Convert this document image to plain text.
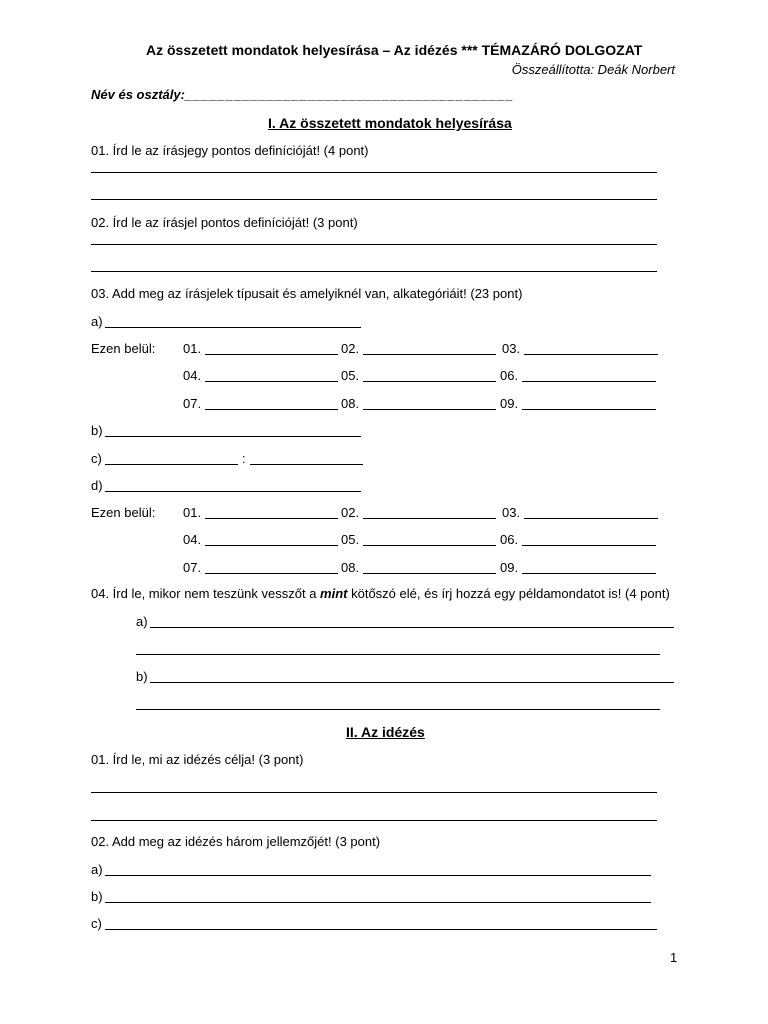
Az összetett mondatok helyesírása – Az idézés *** TÉMAZÁRÓ DOLGOZAT
Összeállította: Deák Norbert
Név és osztály: ________________________________________
I. Az összetett mondatok helyesírása
01. Írd le az írásjegy pontos definícióját! (4 pont)
02. Írd le az írásjel pontos definícióját! (3 pont)
03. Add meg az írásjelek típusait és amelyiknél van, alkategóriáit! (23 pont)
a)
Ezen belül: 01.	02.	03.
04.	05.	06.
07.	08.	09.
b)
c)	:
d)
Ezen belül: 01.	02.	03.
04.	05.	06.
07.	08.	09.
04. Írd le, mikor nem teszünk vesszőt a mint kötőszó elé, és írj hozzá egy példamondatot is! (4 pont)
a)
b)
II. Az idézés
01. Írd le, mi az idézés célja! (3 pont)
02. Add meg az idézés három jellemzőjét! (3 pont)
a)
b)
c)
1
